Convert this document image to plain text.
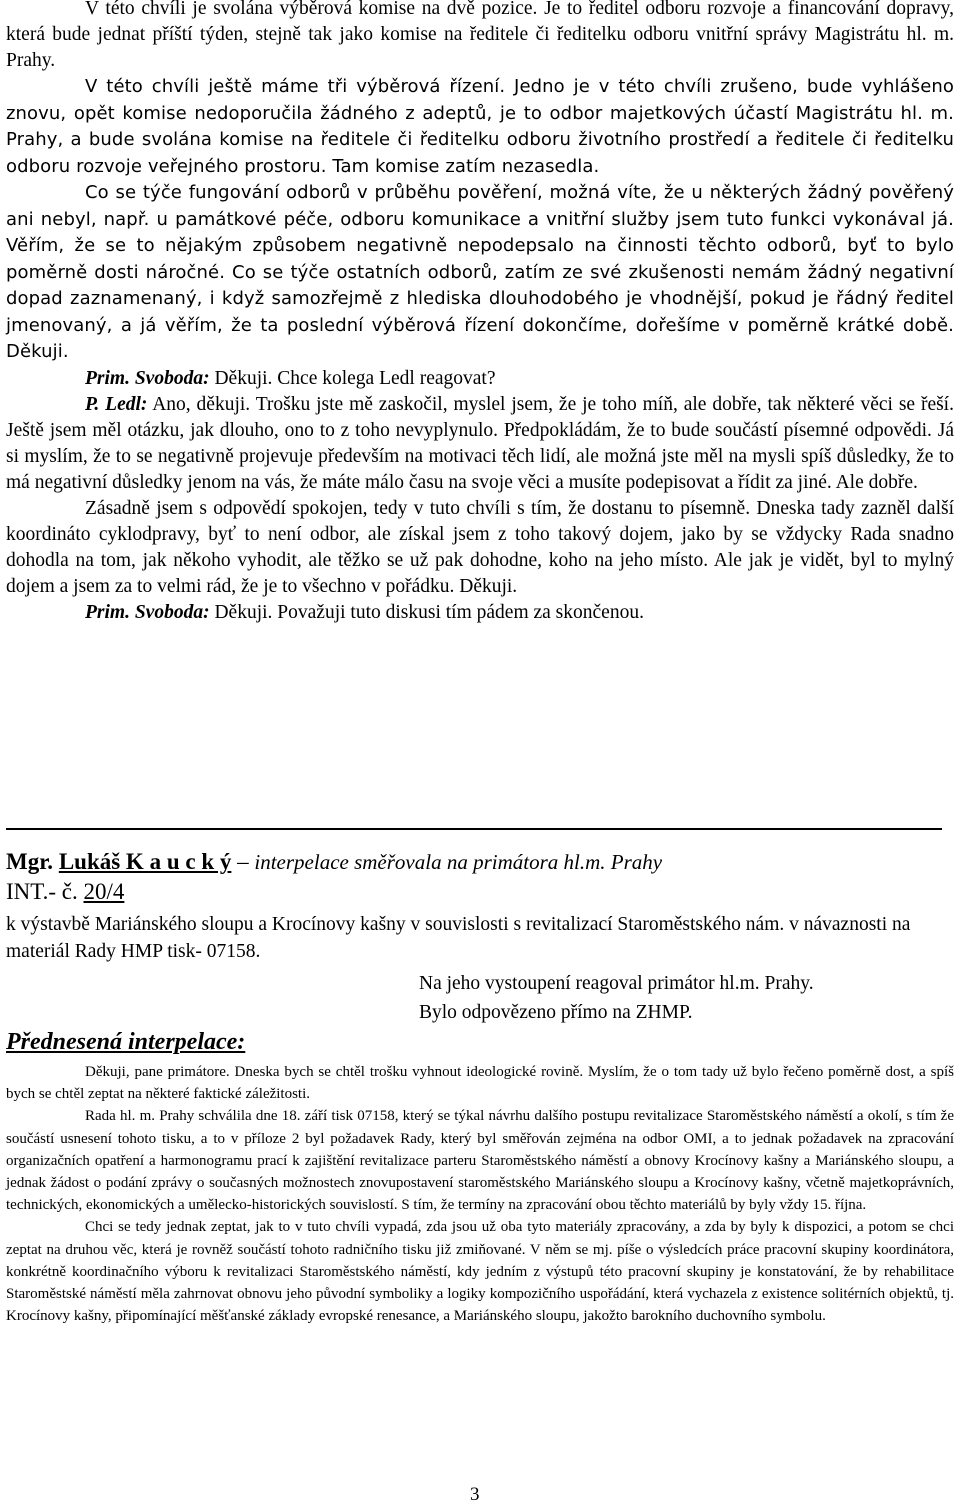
V této chvíli je svolána výběrová komise na dvě pozice. Je to ředitel odboru rozvoje a financování dopravy, která bude jednat příští týden, stejně tak jako komise na ředitele či ředitelku odboru vnitřní správy Magistrátu hl. m. Prahy.

V této chvíli ještě máme tři výběrová řízení. Jedno je v této chvíli zrušeno, bude vyhlášeno znovu, opět komise nedoporučila žádného z adeptů, je to odbor majetkových účastí Magistrátu hl. m. Prahy, a bude svolána komise na ředitele či ředitelku odboru životního prostředí a ředitele či ředitelku odboru rozvoje veřejného prostoru. Tam komise zatím nezasedla.

Co se týče fungování odborů v průběhu pověření, možná víte, že u některých žádný pověřený ani nebyl, např. u památkové péče, odboru komunikace a vnitřní služby jsem tuto funkci vykonával já. Věřím, že se to nějakým způsobem negativně nepodepsalo na činnosti těchto odborů, byť to bylo poměrně dosti náročné. Co se týče ostatních odborů, zatím ze své zkušenosti nemám žádný negativní dopad zaznamenaný, i když samozřejmě z hlediska dlouhodobého je vhodnější, pokud je řádný ředitel jmenovaný, a já věřím, že ta poslední výběrová řízení dokončíme, dořešíme v poměrně krátké době. Děkuji.

Prim. Svoboda: Děkuji. Chce kolega Ledl reagovat?

P. Ledl: Ano, děkuji. Trošku jste mě zaskočil, myslel jsem, že je toho míň, ale dobře, tak některé věci se řeší. Ještě jsem měl otázku, jak dlouho, ono to z toho nevyplynulo. Předpokládám, že to bude součástí písemné odpovědi. Já si myslím, že to se negativně projevuje především na motivaci těch lidí, ale možná jste měl na mysli spíš důsledky, že to má negativní důsledky jenom na vás, že máte málo času na svoje věci a musíte podepisovat a řídit za jiné. Ale dobře.

Zásadně jsem s odpovědí spokojen, tedy v tuto chvíli s tím, že dostanu to písemně. Dneska tady zazněl další koordináto cyklodpravy, byť to není odbor, ale získal jsem z toho takový dojem, jako by se vždycky Rada snadno dohodla na tom, jak někoho vyhodit, ale těžko se už pak dohodne, koho na jeho místo. Ale jak je vidět, byl to mylný dojem a jsem za to velmi rád, že je to všechno v pořádku. Děkuji.

Prim. Svoboda: Děkuji. Považuji tuto diskusi tím pádem za skončenou.

Mgr. Lukáš K a u c k ý – interpelace směřovala na primátora hl.m. Prahy
INT.- č. 20/4

k výstavbě Mariánského sloupu a Krocínovy kašny v souvislosti s revitalizací Staroměstského nám. v návaznosti na materiál Rady HMP tisk- 07158.

Na jeho vystoupení reagoval primátor hl.m. Prahy.
Bylo odpovězeno přímo na ZHMP.
Přednesená interpelace:

Děkuji, pane primátore. Dneska bych se chtěl trošku vyhnout ideologické rovině. Myslím, že o tom tady už bylo řečeno poměrně dost, a spíš bych se chtěl zeptat na některé faktické záležitosti.

Rada hl. m. Prahy schválila dne 18. září tisk 07158, který se týkal návrhu dalšího postupu revitalizace Staroměstského náměstí a okolí, s tím že součástí usnesení tohoto tisku, a to v příloze 2 byl požadavek Rady, který byl směřován zejména na odbor OMI, a to jednak požadavek na zpracování organizačních opatření a harmonogramu prací k zajištění revitalizace parteru Staroměstského náměstí a obnovy Krocínovy kašny a Mariánského sloupu, a jednak žádost o podání zprávy o současných možnostech znovupostavení staroměstského Mariánského sloupu a Krocínovy kašny, včetně majetkoprávních, technických, ekonomických a umělecko-historických souvislostí. S tím, že termíny na zpracování obou těchto materiálů by byly vždy 15. října.

Chci se tedy jednak zeptat, jak to v tuto chvíli vypadá, zda jsou už oba tyto materiály zpracovány, a zda by byly k dispozici, a potom se chci zeptat na druhou věc, která je rovněž součástí tohoto radničního tisku již zmiňované. V něm se mj. píše o výsledcích práce pracovní skupiny koordinátora, konkrétně koordinačního výboru k revitalizaci Staroměstského náměstí, kdy jedním z výstupů této pracovní skupiny je konstatování, že by rehabilitace Staroměstské náměstí měla zahrnovat obnovu jeho původní symboliky a logiky kompozičního uspořádání, která vychazela z existence solitérních objektů, tj. Krocínovy kašny, připomínající měšťanské základy evropské renesance, a Mariánského sloupu, jakožto barokního duchovního symbolu.

3
